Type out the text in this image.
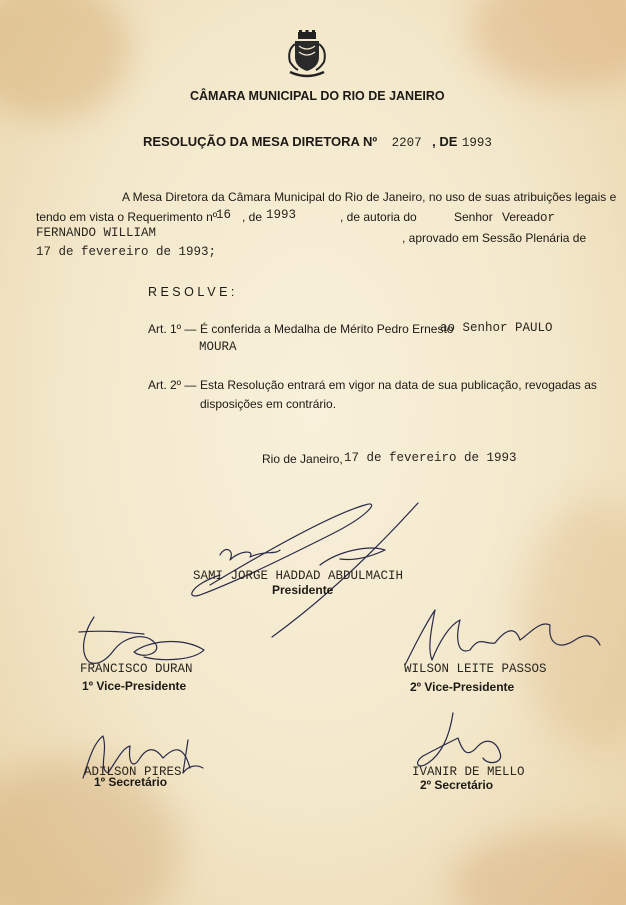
CÂMARA MUNICIPAL DO RIO DE JANEIRO
RESOLUÇÃO DA MESA DIRETORA Nº 2207 , DE 1993
A Mesa Diretora da Câmara Municipal do Rio de Janeiro, no uso de suas atribuições legais e
tendo em vista o Requerimento nº
16 , de 1993	, de autoria do	Senhor Vereador
FERNANDO WILLIAM	, aprovado em Sessão Plenária de
17 de fevereiro de 1993;
R E S O L V E :
Art. 1º — É conferida a Medalha de Mérito Pedro Ernesto
ao Senhor PAULO
MOURA
Art. 2º — Esta Resolução entrará em vigor na data de sua publicação, revogadas as
disposições em contrário.
Rio de Janeiro, 17 de fevereiro de 1993
SAMI JORGE HADDAD ABDULMACIH
Presidente
FRANCISCO DURAN
1º Vice-Presidente
WILSON LEITE PASSOS
2º Vice-Presidente
ADILSON PIRES
1º Secretário
IVANIR DE MELLO
2º Secretário
